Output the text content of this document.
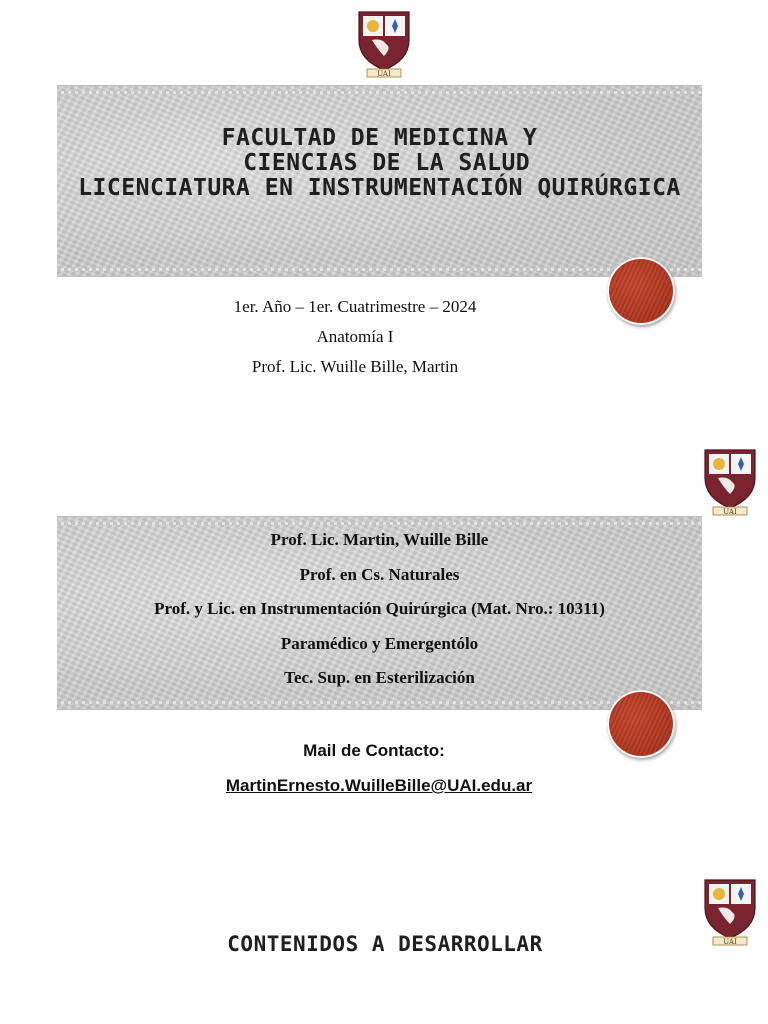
UAI
FACULTAD DE MEDICINA Y
CIENCIAS DE LA SALUD
LICENCIATURA EN INSTRUMENTACIÓN QUIRÚRGICA
1er. Año – 1er. Cuatrimestre – 2024
Anatomía I
Prof. Lic. Wuille Bille, Martin
UAI
Prof. Lic. Martin, Wuille Bille
Prof. en Cs. Naturales
Prof. y Lic. en Instrumentación Quirúrgica (Mat. Nro.: 10311)
Paramédico y Emergentólo
Tec. Sup. en Esterilización
Mail de Contacto:
MartinErnesto.WuilleBille@UAI.edu.ar
UAI
CONTENIDOS A DESARROLLAR
